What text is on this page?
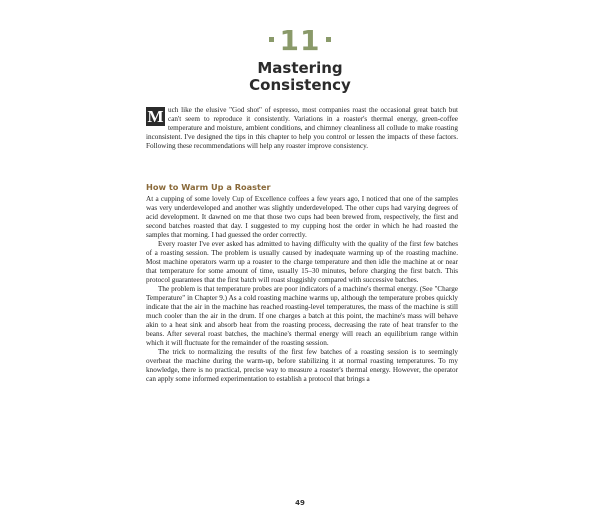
11
Mastering
Consistency
M uch like the elusive "God shot" of espresso, most companies roast the occasional great batch but can't seem to reproduce it consistently. Variations in a roaster's thermal energy, green-coffee temperature and moisture, ambient conditions, and chimney cleanliness all collude to make roasting inconsistent. I've designed the tips in this chapter to help you control or lessen the impacts of these factors. Following these recommendations will help any roaster improve consistency.
How to Warm Up a Roaster

At a cupping of some lovely Cup of Excellence coffees a few years ago, I noticed that one of the samples was very underdeveloped and another was slightly underdeveloped. The other cups had varying degrees of acid development. It dawned on me that those two cups had been brewed from, respectively, the first and second batches roasted that day. I suggested to my cupping host the order in which he had roasted the samples that morning. I had guessed the order correctly.

Every roaster I've ever asked has admitted to having difficulty with the quality of the first few batches of a roasting session. The problem is usually caused by inadequate warming up of the roasting machine. Most machine operators warm up a roaster to the charge temperature and then idle the machine at or near that temperature for some amount of time, usually 15–30 minutes, before charging the first batch. This protocol guarantees that the first batch will roast sluggishly compared with successive batches.

The problem is that temperature probes are poor indicators of a machine's thermal energy. (See "Charge Temperature" in Chapter 9.) As a cold roasting machine warms up, although the temperature probes quickly indicate that the air in the machine has reached roasting-level temperatures, the mass of the machine is still much cooler than the air in the drum. If one charges a batch at this point, the machine's mass will behave akin to a heat sink and absorb heat from the roasting process, decreasing the rate of heat transfer to the beans. After several roast batches, the machine's thermal energy will reach an equilibrium range within which it will fluctuate for the remainder of the roasting session.

The trick to normalizing the results of the first few batches of a roasting session is to seemingly overheat the machine during the warm-up, before stabilizing it at normal roasting temperatures. To my knowledge, there is no practical, precise way to measure a roaster's thermal energy. However, the operator can apply some informed experimentation to establish a protocol that brings a

49
